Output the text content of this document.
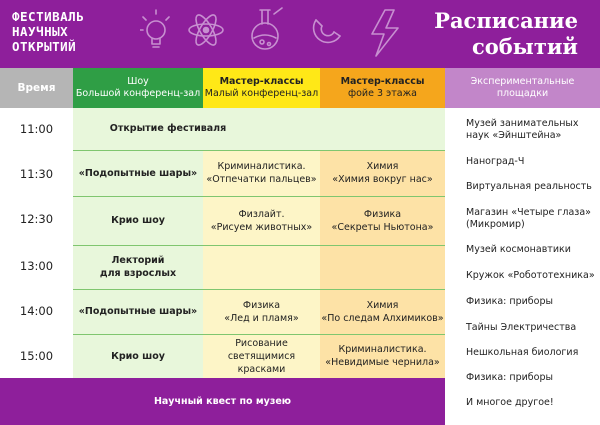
ФЕСТИВАЛЬ
НАУЧНЫХ
ОТКРЫТИЙ
Расписание
событий
Время
Шоу
Большой конференц-зал
Мастер-классы
Малый конференц-зал
Мастер-классы
фойе 3 этажа
Экспериментальные
площадки
11:00
11:30
12:30
13:00
14:00
15:00
Открытие фестиваля
«Подопытные шары»
Криминалистика.
«Отпечатки пальцев»
Химия
«Химия вокруг нас»
Крио шоу
Физлайт.
«Рисуем животных»
Физика
«Секреты Ньютона»
Лекторий
для взрослых
«Подопытные шары»
Физика
«Лед и пламя»
Химия
«По следам Алхимиков»
Крио шоу
Рисование
светящимися красками
Криминалистика.
«Невидимые чернила»
Научный квест по музею
Музей занимательных
наук «Эйнштейна»
Наноград-Ч
Виртуальная реальность
Магазин «Четыре глаза»
(Микромир)
Музей космонавтики
Кружок «Робототехника»
Физика: приборы
Тайны Электричества
Нешкольная биология
Физика: приборы
И многое другое!
